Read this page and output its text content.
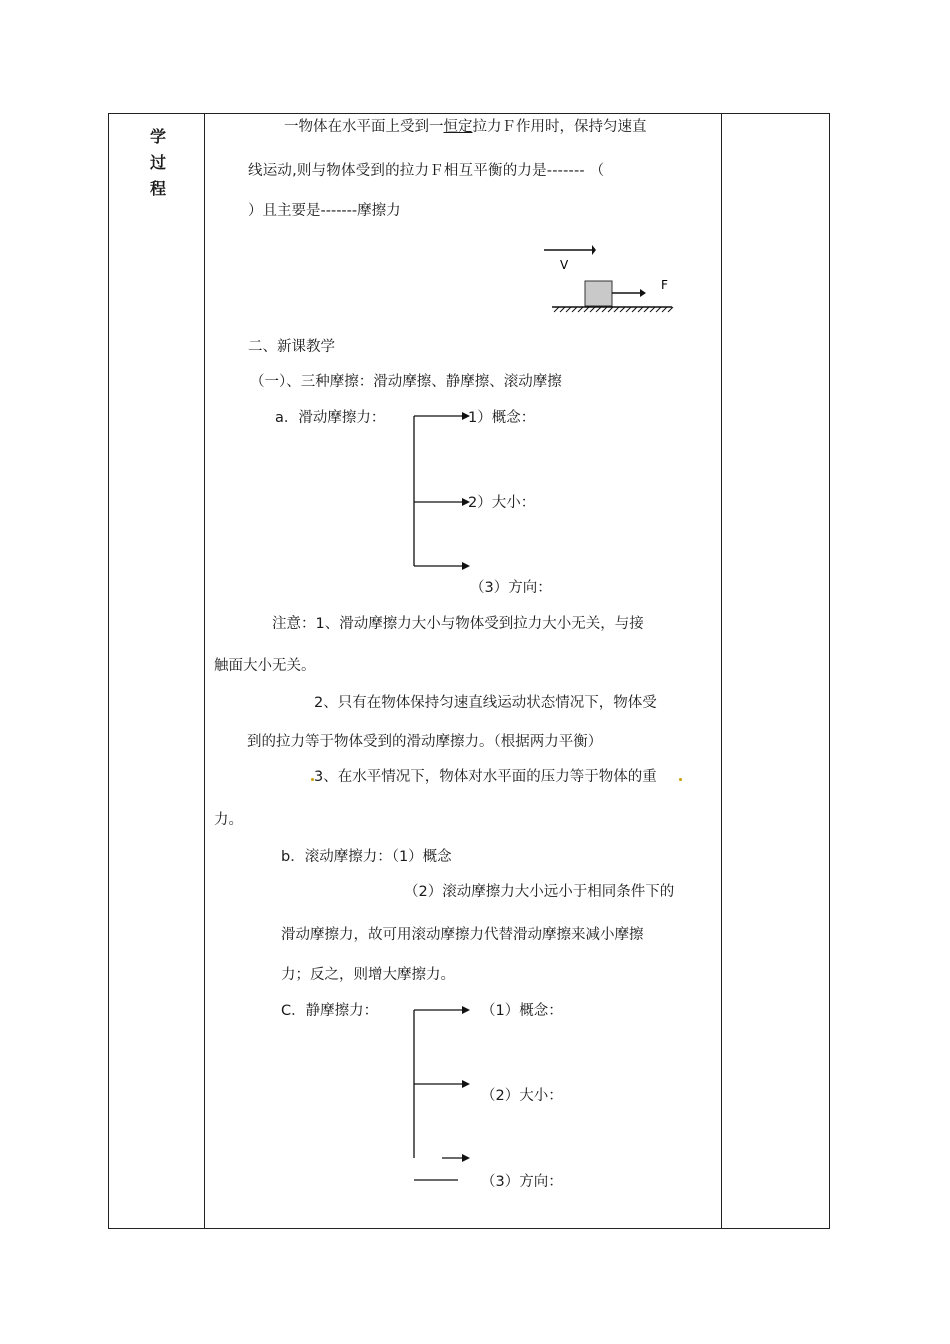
学
过
程
一物体在水平面上受到一恒定拉力Ｆ作用时，保持匀速直
线运动,则与物体受到的拉力Ｆ相互平衡的力是------- （
）且主要是-------摩擦力
V
F
二、新课教学
（一）、三种摩擦：滑动摩擦、静摩擦、滚动摩擦
a．滑动摩擦力：	1）概念：
2）大小：
（3）方向：
注意：1、滑动摩擦力大小与物体受到拉力大小无关，与接
触面大小无关。
2、只有在物体保持匀速直线运动状态情况下，物体受
到的拉力等于物体受到的滑动摩擦力。（根据两力平衡）
3、在水平情况下，物体对水平面的压力等于物体的重
力。
b．滚动摩擦力：（1）概念
（2）滚动摩擦力大小远小于相同条件下的
滑动摩擦力，故可用滚动摩擦力代替滑动摩擦来减小摩擦
力；反之，则增大摩擦力。
C．静摩擦力：	（1）概念：
（2）大小：
（3）方向：
